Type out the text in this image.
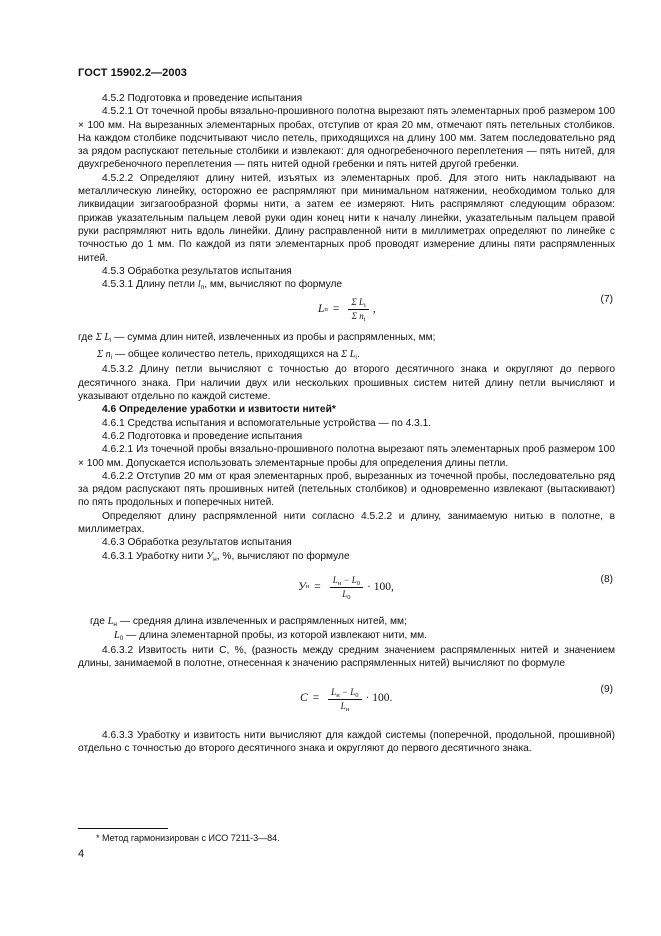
ГОСТ 15902.2—2003

4.5.2 Подготовка и проведение испытания

4.5.2.1 От точечной пробы вязально-прошивного полотна вырезают пять элементарных проб размером 100 × 100 мм. На вырезанных элементарных пробах, отступив от края 20 мм, отмечают пять петельных столбиков. На каждом столбике подсчитывают число петель, приходящихся на длину 100 мм. Затем последовательно ряд за рядом распускают петельные столбики и извлекают: для одногребеночного переплетения — пять нитей, для двухгребеночного переплетения — пять нитей одной гребенки и пять нитей другой гребенки.

4.5.2.2 Определяют длину нитей, изъятых из элементарных проб. Для этого нить накладывают на металлическую линейку, осторожно ее распрямляют при минимальном натяжении, необходимом только для ликвидации зигзагообразной формы нити, а затем ее измеряют. Нить распрямляют следующим образом: прижав указательным пальцем левой руки один конец нити к началу линейки, указательным пальцем правой руки распрямляют нить вдоль линейки. Длину расправленной нити в миллиметрах определяют по линейке с точностью до 1 мм. По каждой из пяти элементарных проб проводят измерение длины пяти распрямленных нитей.

4.5.3 Обработка результатов испытания

4.5.3.1 Длину петли $l_п$, мм, вычисляют по формуле

L $п = \frac{\Sigma L_i}{\Sigma n_i}$ ,
(7)
где Σ $L_i$ — сумма длин нитей, извлеченных из пробы и распрямленных, мм;
Σ $n_i$ — общее количество петель, приходящихся на Σ $L_i$.

4.5.3.2 Длину петли вычисляют с точностью до второго десятичного знака и округляют до первого десятичного знака. При наличии двух или нескольких прошивных систем нитей длину петли вычисляют и указывают отдельно по каждой системе.

4.6 Определение уработки и извитости нитей*

4.6.1 Средства испытания и вспомогательные устройства — по 4.3.1.

4.6.2 Подготовка и проведение испытания

4.6.2.1 Из точечной пробы вязально-прошивного полотна вырезают пять элементарных проб размером 100 × 100 мм. Допускается использовать элементарные пробы для определения длины петли.

4.6.2.2 Отступив 20 мм от края элементарных проб, вырезанных из точечной пробы, последовательно ряд за рядом распускают пять прошивных нитей (петельных столбиков) и одновременно извлекают (вытаскивают) по пять продольных и поперечных нитей.

Определяют длину распрямленной нити согласно 4.5.2.2 и длину, занимаемую нитью в полотне, в миллиметрах.

4.6.3 Обработка результатов испытания

4.6.3.1 Уработку нити $У_н$, %, вычисляют по формуле

У $н = \frac{L_н - L_0}{L_0} \cdot 100$,
(8)
где $L_н$ — средняя длина извлеченных и распрямленных нитей, мм;
$L_0$ — длина элементарной пробы, из которой извлекают нити, мм.

4.6.3.2 Извитость нити С, %, (разность между средним значением распрямленных нитей и значением длины, занимаемой в полотне, отнесенная к значению распрямленных нитей) вычисляют по формуле

$C = \frac{L_н - L_0}{L_н} \cdot 100$.
(9)

4.6.3.3 Уработку и извитость нити вычисляют для каждой системы (поперечной, продольной, прошивной) отдельно с точностью до второго десятичного знака и округляют до первого десятичного знака.

* Метод гармонизирован с ИСО 7211-3—84.
4
